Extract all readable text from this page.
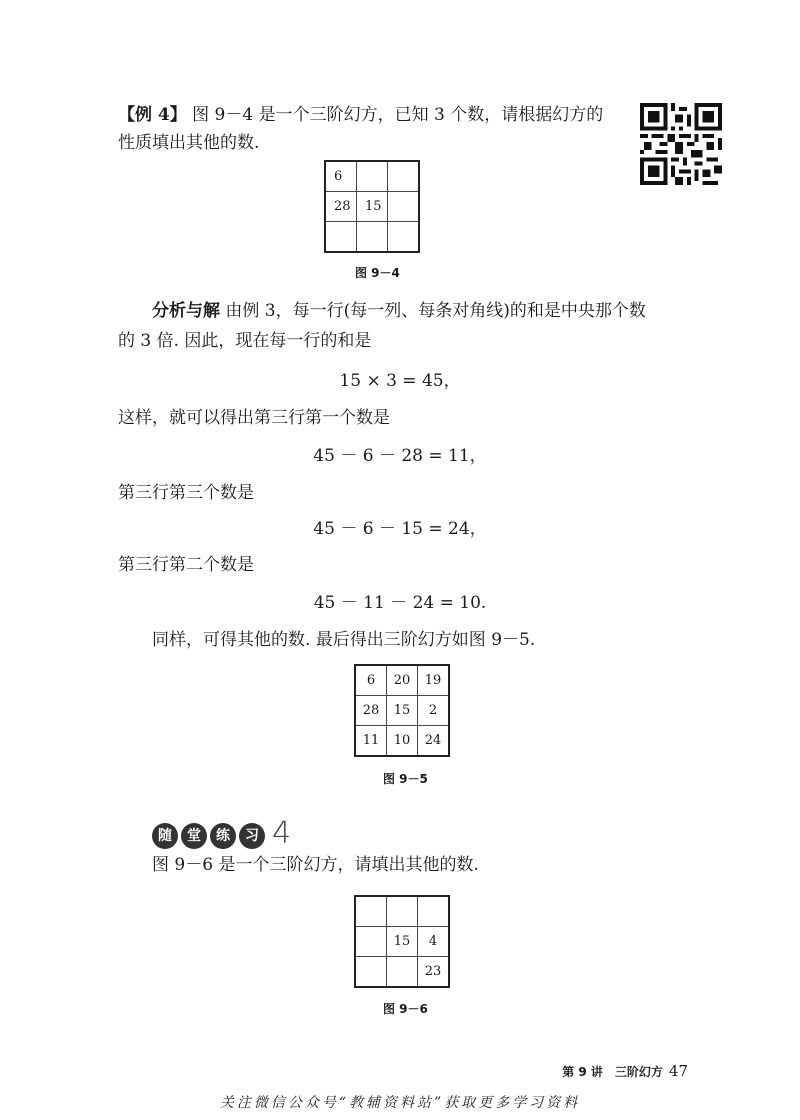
【例 4】 图 9－4 是一个三阶幻方，已知 3 个数，请根据幻方的
性质填出其他的数.
6		
28	15	

图 9－4
分析与解 由例 3，每一行(每一列、每条对角线)的和是中央那个数
的 3 倍. 因此，现在每一行的和是
15 × 3 = 45，
这样，就可以得出第三行第一个数是
45 － 6 － 28 = 11，
第三行第三个数是
45 － 6 － 15 = 24，
第三行第二个数是
45 － 11 － 24 = 10.
同样，可得其他的数. 最后得出三阶幻方如图 9－5.
6	20	19
28	15	2
11	10	24
图 9－5
随 堂 练 习 4
图 9－6 是一个三阶幻方，请填出其他的数.

	15	4
		23
图 9－6
第 9 讲　三阶幻方 47
关注微信公众号“教辅资料站”获取更多学习资料
